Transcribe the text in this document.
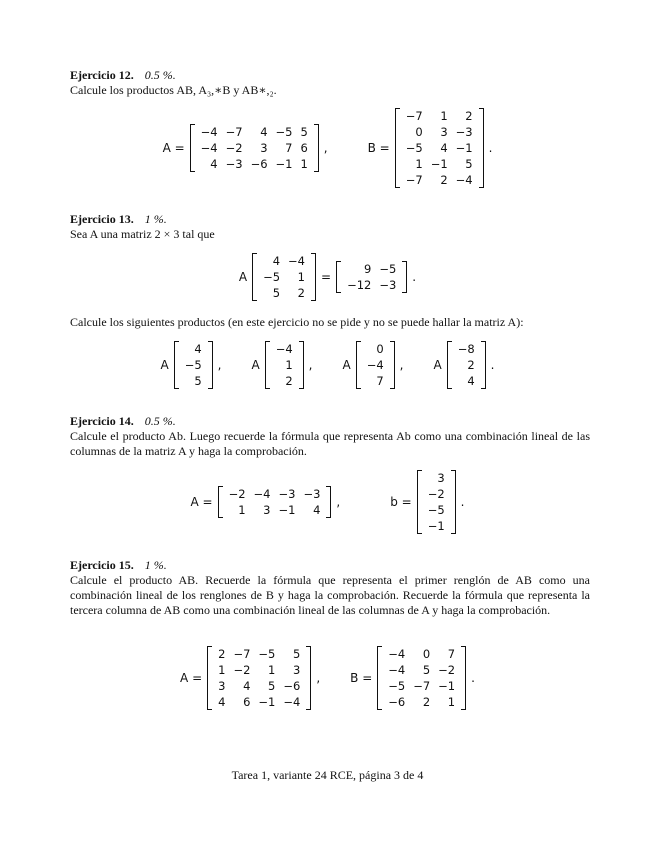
Ejercicio 12. 0.5 %.
Calcule los productos AB, A₃,∗B y AB∗,₂.
A =
−4	−7	4	−5	5
−4	−2	3	7	6
4	−3	−6	−1	1
,	B =
−7	1	2
0	3	−3
−5	4	−1
1	−1	5
−7	2	−4
.
Ejercicio 13. 1 %.
Sea A una matriz 2 × 3 tal que
A
4	−4
−5	1
5	2
=
9	−5
−12	−3
.
Calcule los siguientes productos (en este ejercicio no se pide y no se puede hallar la matriz A):
A
4
−5
5
,	A
−4
1
2
,	A
0
−4
7
,	A
−8
2
4
.
Ejercicio 14. 0.5 %.
Calcule el producto Ab. Luego recuerde la fórmula que representa Ab como una combinación lineal de las columnas de la matriz A y haga la comprobación.
A =
−2	−4	−3	−3
1	3	−1	4
,	b =
3
−2
−5
−1
.
Ejercicio 15. 1 %.
Calcule el producto AB. Recuerde la fórmula que representa el primer renglón de AB como una combinación lineal de los renglones de B y haga la comprobación. Recuerde la fórmula que representa la tercera columna de AB como una combinación lineal de las columnas de A y haga la comprobación.
A =
2	−7	−5	5
1	−2	1	3
3	4	5	−6
4	6	−1	−4
,	B =
−4	0	7
−4	5	−2
−5	−7	−1
−6	2	1
.
Tarea 1, variante 24 RCE, página 3 de 4
